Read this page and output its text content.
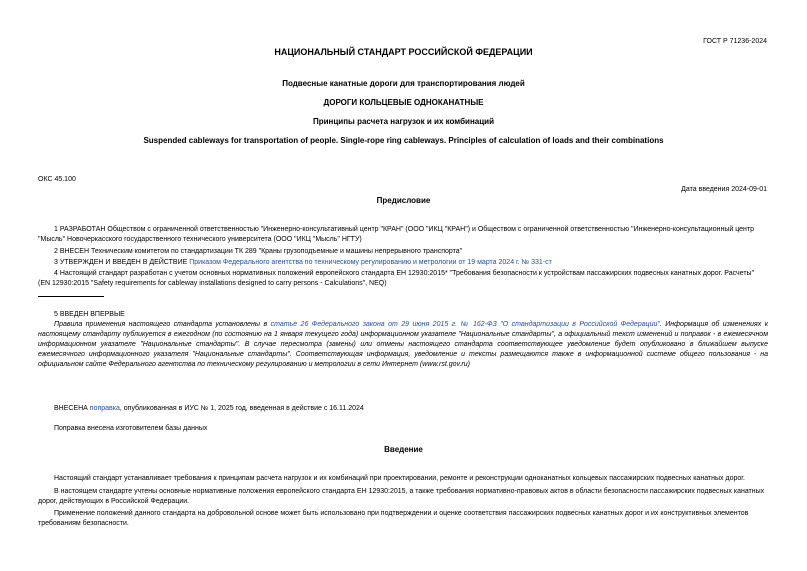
ГОСТ Р 71236-2024
НАЦИОНАЛЬНЫЙ СТАНДАРТ РОССИЙСКОЙ ФЕДЕРАЦИИ
Подвесные канатные дороги для транспортирования людей
ДОРОГИ КОЛЬЦЕВЫЕ ОДНОКАНАТНЫЕ
Принципы расчета нагрузок и их комбинаций
Suspended cableways for transportation of people. Single-rope ring cableways. Principles of calculation of loads and their combinations
ОКС 45.100
Дата введения 2024-09-01
Предисловие
1 РАЗРАБОТАН Обществом с ограниченной ответственностью "Инженерно-консультативный центр "КРАН" (ООО "ИКЦ "КРАН") и Обществом с ограниченной ответственностью "Инженерно-консультационный центр "Мысль" Новочеркасского государственного технического университета (ООО "ИКЦ "Мысль" НГТУ)
2 ВНЕСЕН Техническим комитетом по стандартизации ТК 289 "Краны грузоподъемные и машины непрерывного транспорта"
3 УТВЕРЖДЕН И ВВЕДЕН В ДЕЙСТВИЕ Приказом Федерального агентства по техническому регулированию и метрологии от 19 марта 2024 г. № 331-ст
4 Настоящий стандарт разработан с учетом основных нормативных положений европейского стандарта ЕН 12930:2015* "Требования безопасности к устройствам пассажирских подвесных канатных дорог. Расчеты" (EN 12930:2015 "Safety requirements for cableway installations designed to carry persons - Calculations", NEQ)
5 ВВЕДЕН ВПЕРВЫЕ
Правила применения настоящего стандарта установлены в статье 26 Федерального закона от 29 июня 2015 г. № 162-ФЗ "О стандартизации в Российской Федерации". Информация об изменениях к настоящему стандарту публикуется в ежегодном (по состоянию на 1 января текущего года) информационном указателе "Национальные стандарты", а официальный текст изменений и поправок - в ежемесячном информационном указателе "Национальные стандарты". В случае пересмотра (замены) или отмены настоящего стандарта соответствующее уведомление будет опубликовано в ближайшем выпуске ежемесячного информационного указателя "Национальные стандарты". Соответствующая информация, уведомление и тексты размещаются также в информационной системе общего пользования - на официальном сайте Федерального агентства по техническому регулированию и метрологии в сети Интернет (www.rst.gov.ru)
ВНЕСЕНА поправка, опубликованная в ИУС № 1, 2025 год, введенная в действие с 16.11.2024
Поправка внесена изготовителем базы данных
Введение
Настоящий стандарт устанавливает требования к принципам расчета нагрузок и их комбинаций при проектировании, ремонте и реконструкции одноканатных кольцевых пассажирских подвесных канатных дорог.
В настоящем стандарте учтены основные нормативные положения европейского стандарта ЕН 12930:2015, а также требования нормативно-правовых актов в области безопасности пассажирских подвесных канатных дорог, действующих в Российской Федерации.
Применение положений данного стандарта на добровольной основе может быть использовано при подтверждении и оценке соответствия пассажирских подвесных канатных дорог и их конструктивных элементов требованиям безопасности.
